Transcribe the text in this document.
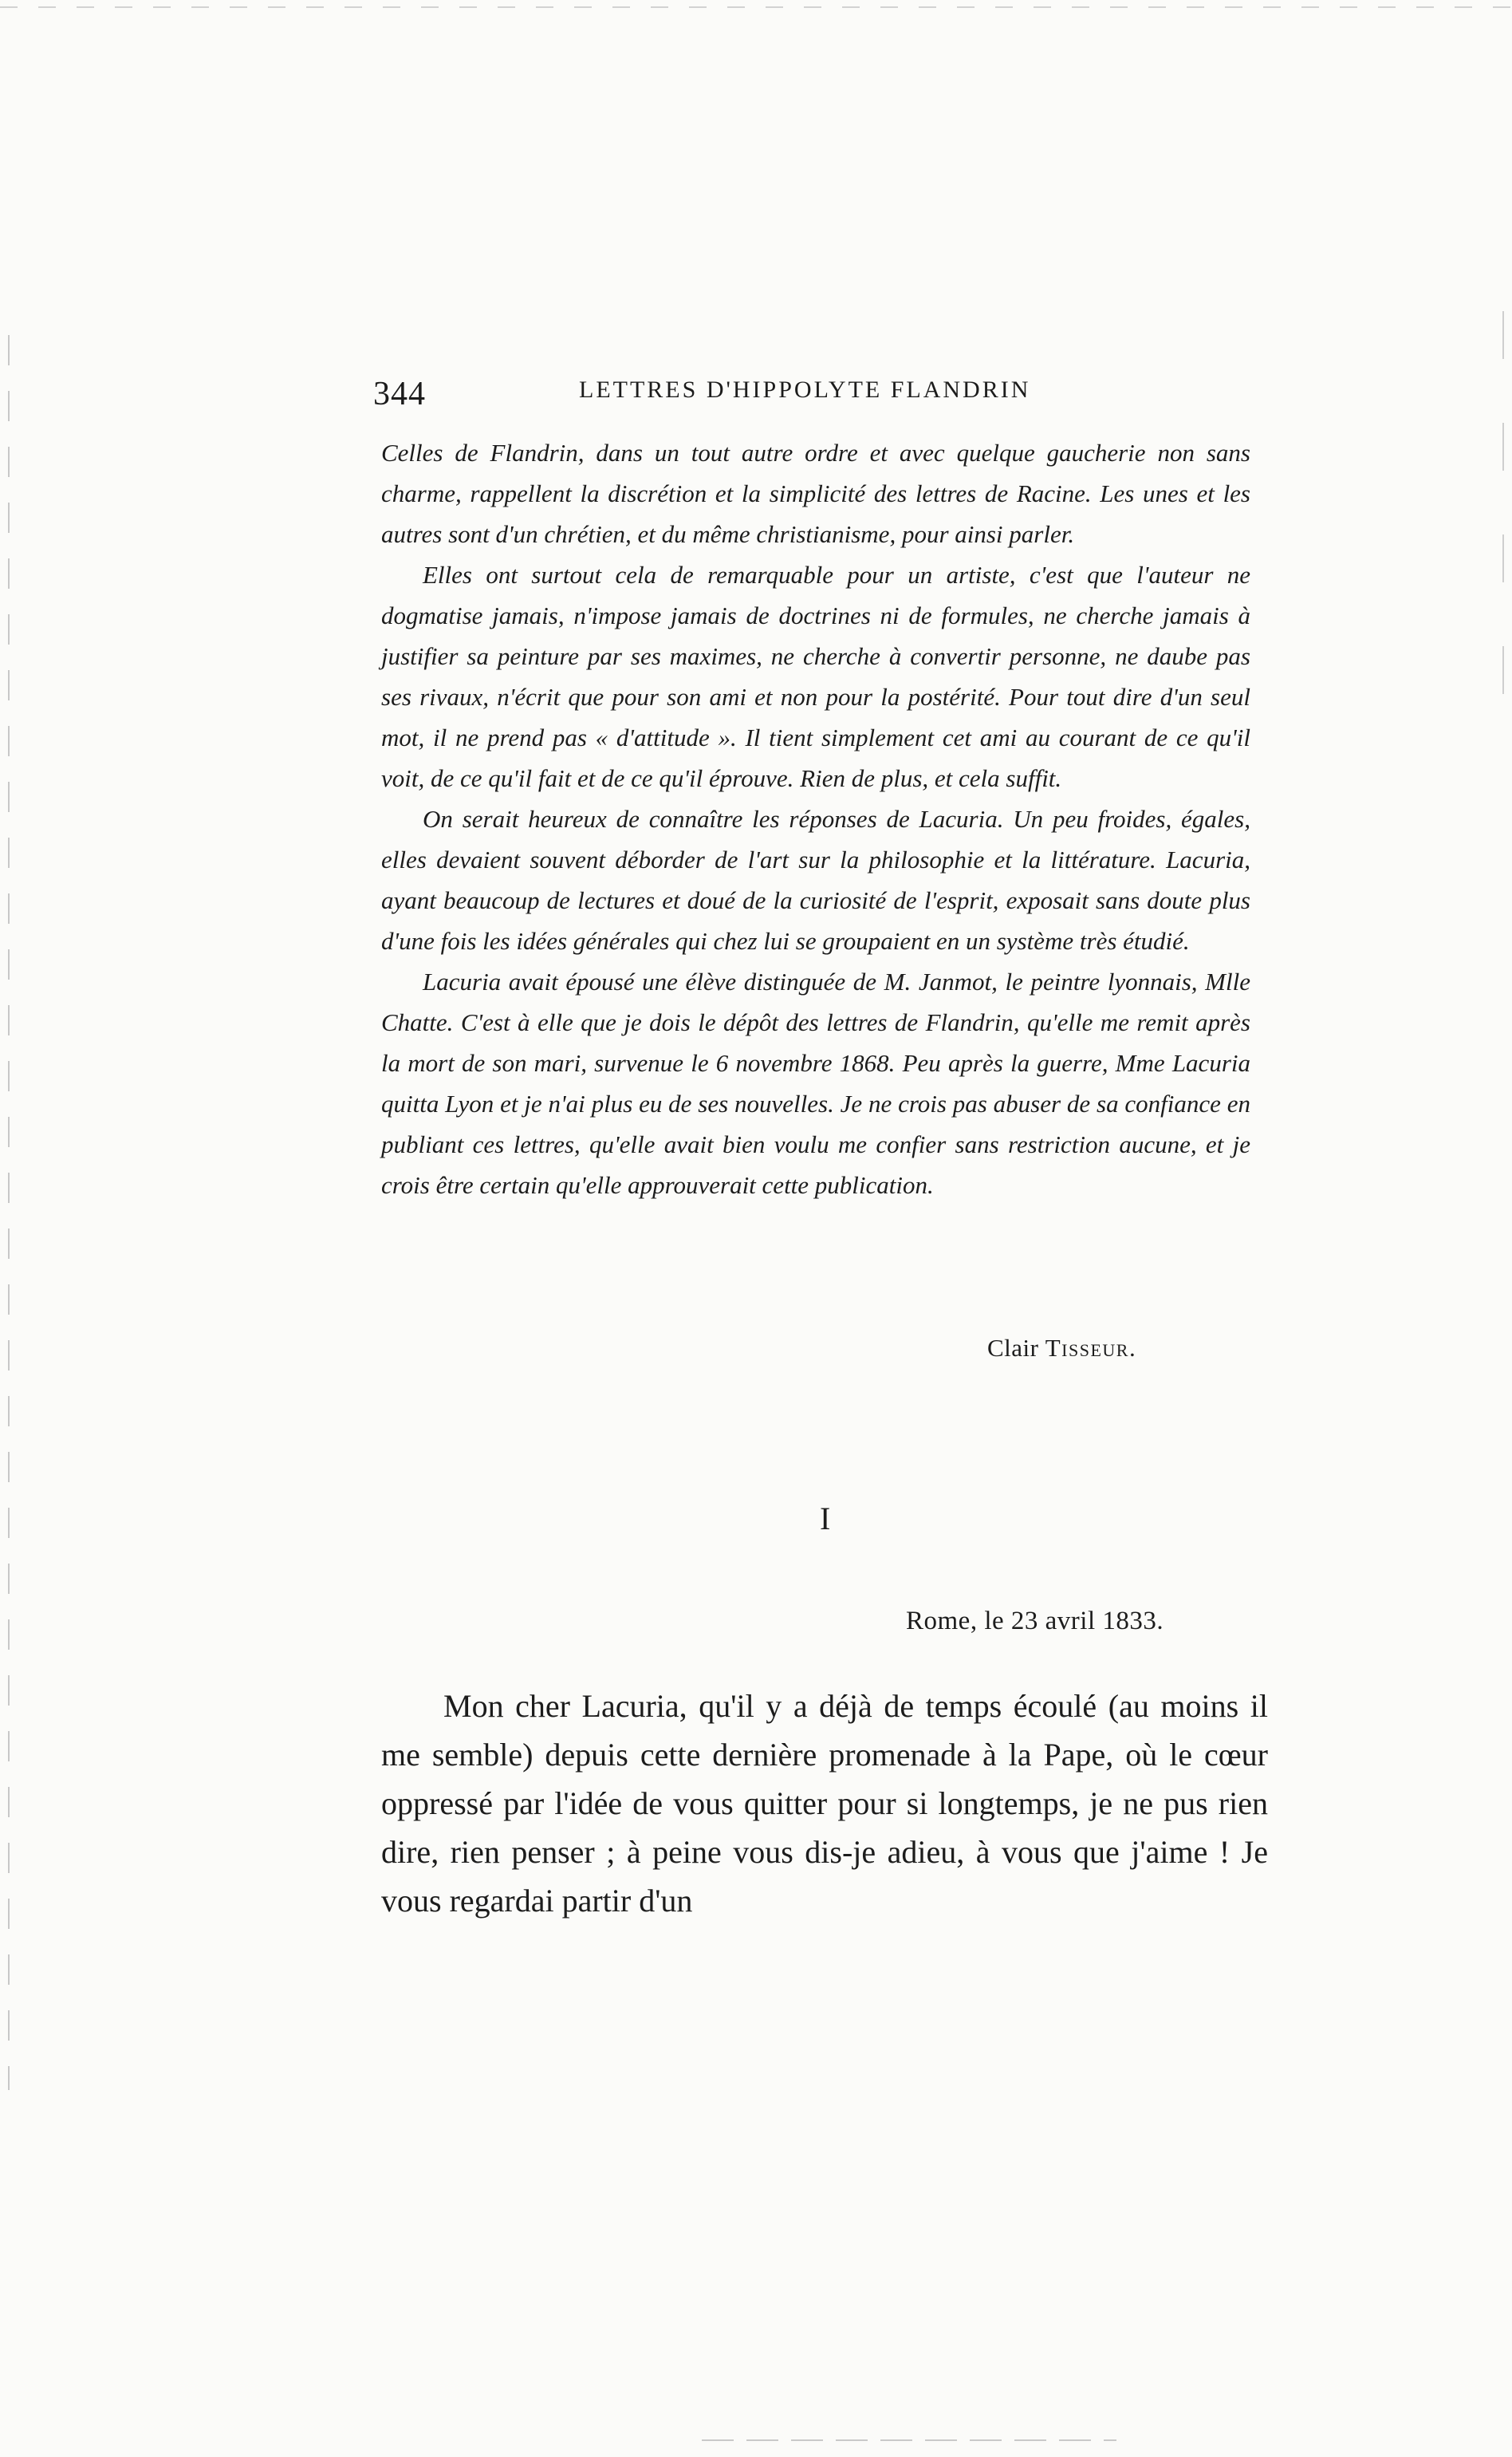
344	LETTRES D'HIPPOLYTE FLANDRIN

Celles de Flandrin, dans un tout autre ordre et avec quelque gaucherie non sans charme, rappellent la discrétion et la simplicité des lettres de Racine. Les unes et les autres sont d'un chrétien, et du même christianisme, pour ainsi parler.

Elles ont surtout cela de remarquable pour un artiste, c'est que l'auteur ne dogmatise jamais, n'impose jamais de doctrines ni de formules, ne cherche jamais à justifier sa peinture par ses maximes, ne cherche à convertir personne, ne daube pas ses rivaux, n'écrit que pour son ami et non pour la postérité. Pour tout dire d'un seul mot, il ne prend pas « d'attitude ». Il tient simplement cet ami au courant de ce qu'il voit, de ce qu'il fait et de ce qu'il éprouve. Rien de plus, et cela suffit.

On serait heureux de connaître les réponses de Lacuria. Un peu froides, égales, elles devaient souvent déborder de l'art sur la philosophie et la littérature. Lacuria, ayant beaucoup de lectures et doué de la curiosité de l'esprit, exposait sans doute plus d'une fois les idées générales qui chez lui se groupaient en un système très étudié.

Lacuria avait épousé une élève distinguée de M. Janmot, le peintre lyonnais, Mlle Chatte. C'est à elle que je dois le dépôt des lettres de Flandrin, qu'elle me remit après la mort de son mari, survenue le 6 novembre 1868. Peu après la guerre, Mme Lacuria quitta Lyon et je n'ai plus eu de ses nouvelles. Je ne crois pas abuser de sa confiance en publiant ces lettres, qu'elle avait bien voulu me confier sans restriction aucune, et je crois être certain qu'elle approuverait cette publication.

Clair Tisseur.
I
Rome, le 23 avril 1833.

Mon cher Lacuria, qu'il y a déjà de temps écoulé (au moins il me semble) depuis cette dernière promenade à la Pape, où le cœur oppressé par l'idée de vous quitter pour si longtemps, je ne pus rien dire, rien penser ; à peine vous dis-je adieu, à vous que j'aime ! Je vous regardai partir d'un
